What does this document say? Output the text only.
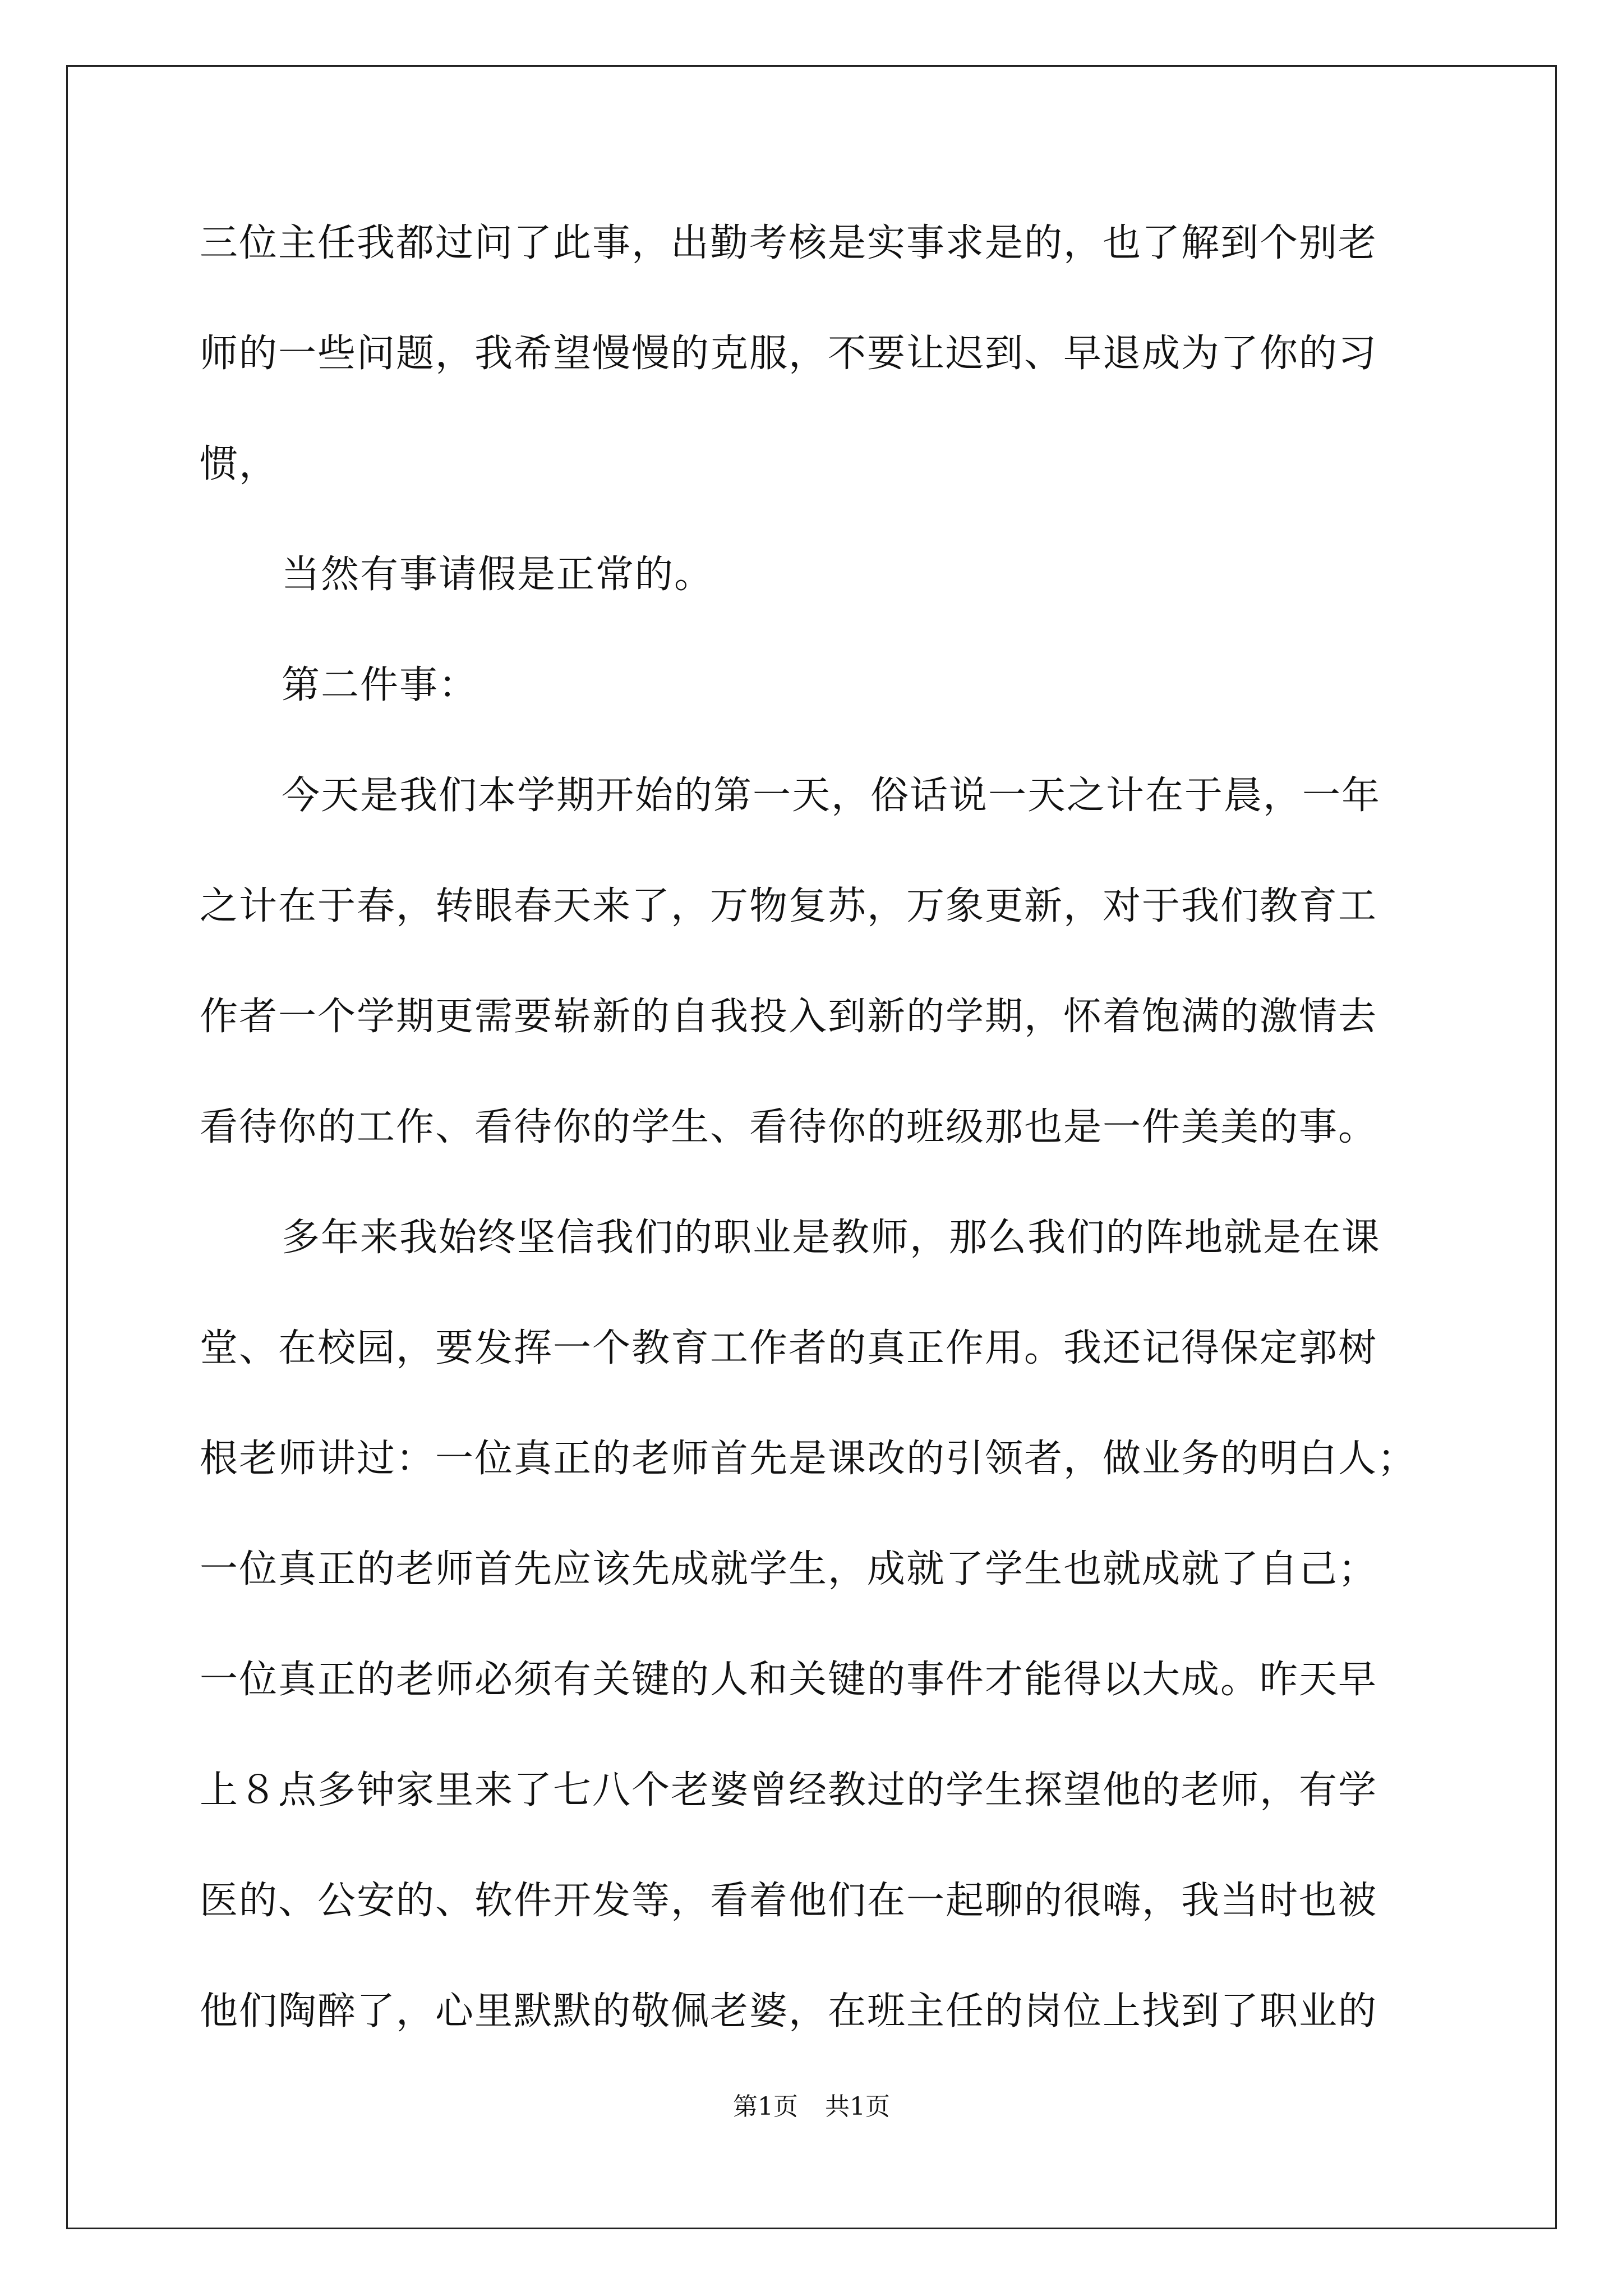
三位主任我都过问了此事，出勤考核是实事求是的，也了解到个别老
师的一些问题，我希望慢慢的克服，不要让迟到、早退成为了你的习
惯，
当然有事请假是正常的。
第二件事：
今天是我们本学期开始的第一天，俗话说一天之计在于晨，一年
之计在于春，转眼春天来了，万物复苏，万象更新，对于我们教育工
作者一个学期更需要崭新的自我投入到新的学期，怀着饱满的激情去
看待你的工作、看待你的学生、看待你的班级那也是一件美美的事。
多年来我始终坚信我们的职业是教师，那么我们的阵地就是在课
堂、在校园，要发挥一个教育工作者的真正作用。我还记得保定郭树
根老师讲过：一位真正的老师首先是课改的引领者，做业务的明白人；
一位真正的老师首先应该先成就学生，成就了学生也就成就了自己；
一位真正的老师必须有关键的人和关键的事件才能得以大成。昨天早
上８点多钟家里来了七八个老婆曾经教过的学生探望他的老师，有学
医的、公安的、软件开发等，看着他们在一起聊的很嗨，我当时也被
他们陶醉了，心里默默的敬佩老婆，在班主任的岗位上找到了职业的
第1页 共1页
